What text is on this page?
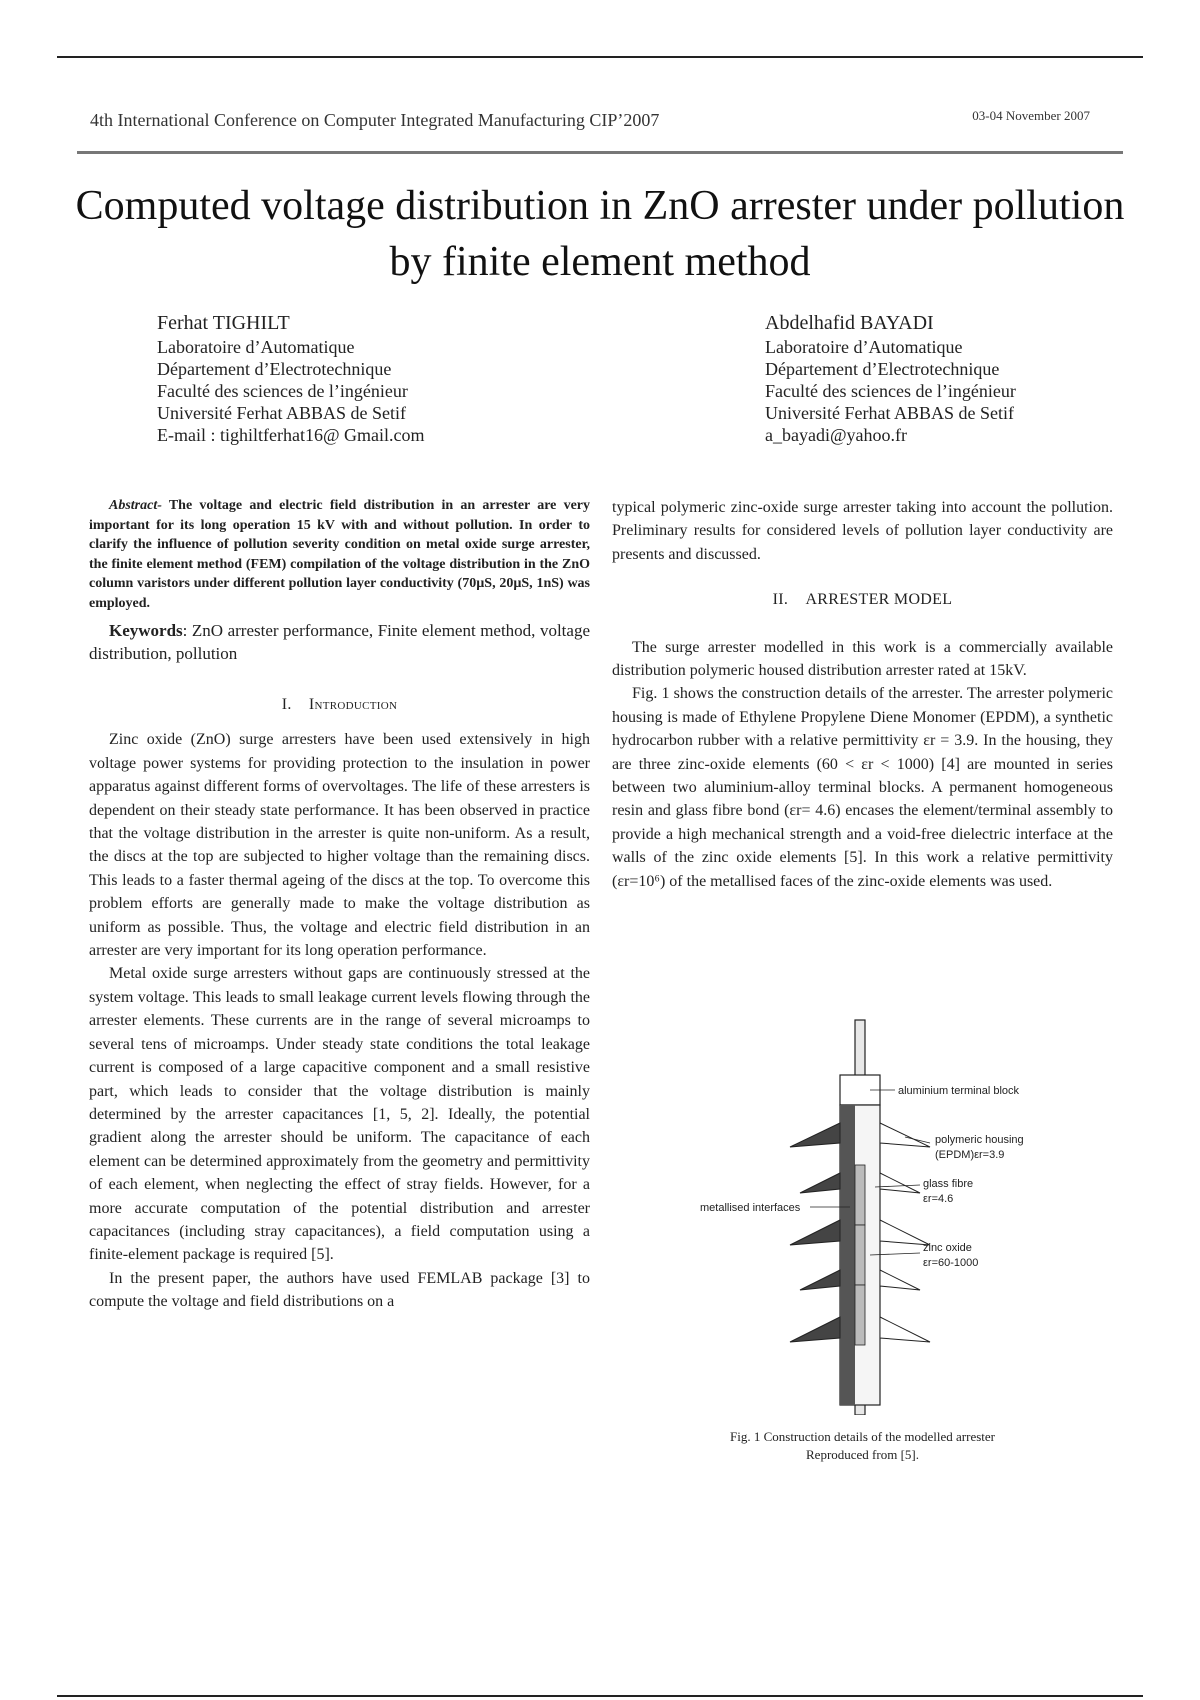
4th International Conference on Computer Integrated Manufacturing CIP’2007	03-04 November 2007
Computed voltage distribution in ZnO arrester under pollution by finite element method
Ferhat TIGHILT
Laboratoire d’Automatique
Département d’Electrotechnique
Faculté des sciences de l’ingénieur
Université Ferhat ABBAS de Setif
E-mail : tighiltferhat16@ Gmail.com
Abdelhafid BAYADI
Laboratoire d’Automatique
Département d’Electrotechnique
Faculté des sciences de l’ingénieur
Université Ferhat ABBAS de Setif
a_bayadi@yahoo.fr

Abstract- The voltage and electric field distribution in an arrester are very important for its long operation 15 kV with and without pollution. In order to clarify the influence of pollution severity condition on metal oxide surge arrester, the finite element method (FEM) compilation of the voltage distribution in the ZnO column varistors under different pollution layer conductivity (70µS, 20µS, 1nS) was employed.

Keywords: ZnO arrester performance, Finite element method, voltage distribution, pollution

I. Introduction

Zinc oxide (ZnO) surge arresters have been used extensively in high voltage power systems for providing protection to the insulation in power apparatus against different forms of overvoltages. The life of these arresters is dependent on their steady state performance. It has been observed in practice that the voltage distribution in the arrester is quite non-uniform. As a result, the discs at the top are subjected to higher voltage than the remaining discs. This leads to a faster thermal ageing of the discs at the top. To overcome this problem efforts are generally made to make the voltage distribution as uniform as possible. Thus, the voltage and electric field distribution in an arrester are very important for its long operation performance.

Metal oxide surge arresters without gaps are continuously stressed at the system voltage. This leads to small leakage current levels flowing through the arrester elements. These currents are in the range of several microamps to several tens of microamps. Under steady state conditions the total leakage current is composed of a large capacitive component and a small resistive part, which leads to consider that the voltage distribution is mainly determined by the arrester capacitances [1, 5, 2]. Ideally, the potential gradient along the arrester should be uniform. The capacitance of each element can be determined approximately from the geometry and permittivity of each element, when neglecting the effect of stray fields. However, for a more accurate computation of the potential distribution and arrester capacitances (including stray capacitances), a field computation using a finite-element package is required [5].

In the present paper, the authors have used FEMLAB package [3] to compute the voltage and field distributions on a

typical polymeric zinc-oxide surge arrester taking into account the pollution. Preliminary results for considered levels of pollution layer conductivity are presents and discussed.

II. ARRESTER MODEL

The surge arrester modelled in this work is a commercially available distribution polymeric housed distribution arrester rated at 15kV.

Fig. 1 shows the construction details of the arrester. The arrester polymeric housing is made of Ethylene Propylene Diene Monomer (EPDM), a synthetic hydrocarbon rubber with a relative permittivity εr = 3.9. In the housing, they are three zinc-oxide elements (60 < εr < 1000) [4] are mounted in series between two aluminium-alloy terminal blocks. A permanent homogeneous resin and glass fibre bond (εr= 4.6) encases the element/terminal assembly to provide a high mechanical strength and a void-free dielectric interface at the walls of the zinc oxide elements [5]. In this work a relative permittivity (εr=10⁶) of the metallised faces of the zinc-oxide elements was used.

aluminium terminal block
polymeric housing
(EPDM)εr=3.9
glass fibre
εr=4.6
metallised interfaces
zinc oxide
εr=60-1000
Fig. 1 Construction details of the modelled arrester
Reproduced from [5].
